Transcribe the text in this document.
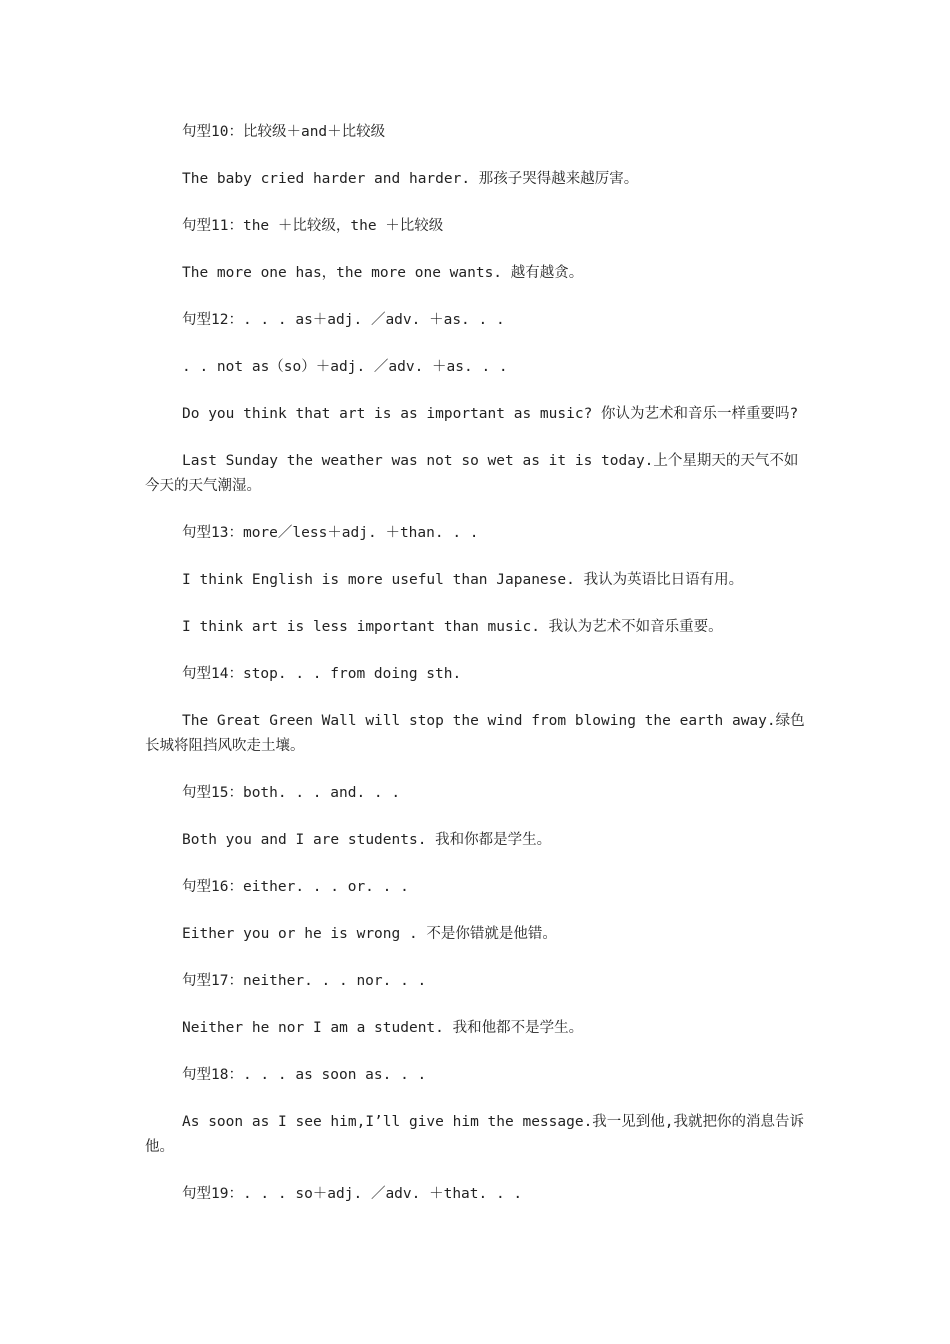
句型10：比较级＋and＋比较级

The baby cried harder and harder. 那孩子哭得越来越厉害。

句型11：the ＋比较级，the ＋比较级

The more one has，the more one wants. 越有越贪。

句型12：. . . as＋adj. ／adv. ＋as. . .

. . not as（so）＋adj. ／adv. ＋as. . .

Do you think that art is as important as music? 你认为艺术和音乐一样重要吗?

Last Sunday the weather was not so wet as it is today.上个星期天的天气不如今天的天气潮湿。

句型13：more／less＋adj. ＋than. . .

I think English is more useful than Japanese. 我认为英语比日语有用。

I think art is less important than music. 我认为艺术不如音乐重要。

句型14：stop. . . from doing sth.

The Great Green Wall will stop the wind from blowing the earth away.绿色长城将阻挡风吹走土壤。

句型15：both. . . and. . .

Both you and I are students. 我和你都是学生。

句型16：either. . . or. . .

Either you or he is wrong . 不是你错就是他错。

句型17：neither. . . nor. . .

Neither he nor I am a student. 我和他都不是学生。

句型18：. . . as soon as. . .

As soon as I see him,I’ll give him the message.我一见到他,我就把你的消息告诉他。

句型19：. . . so＋adj. ／adv. ＋that. . .
